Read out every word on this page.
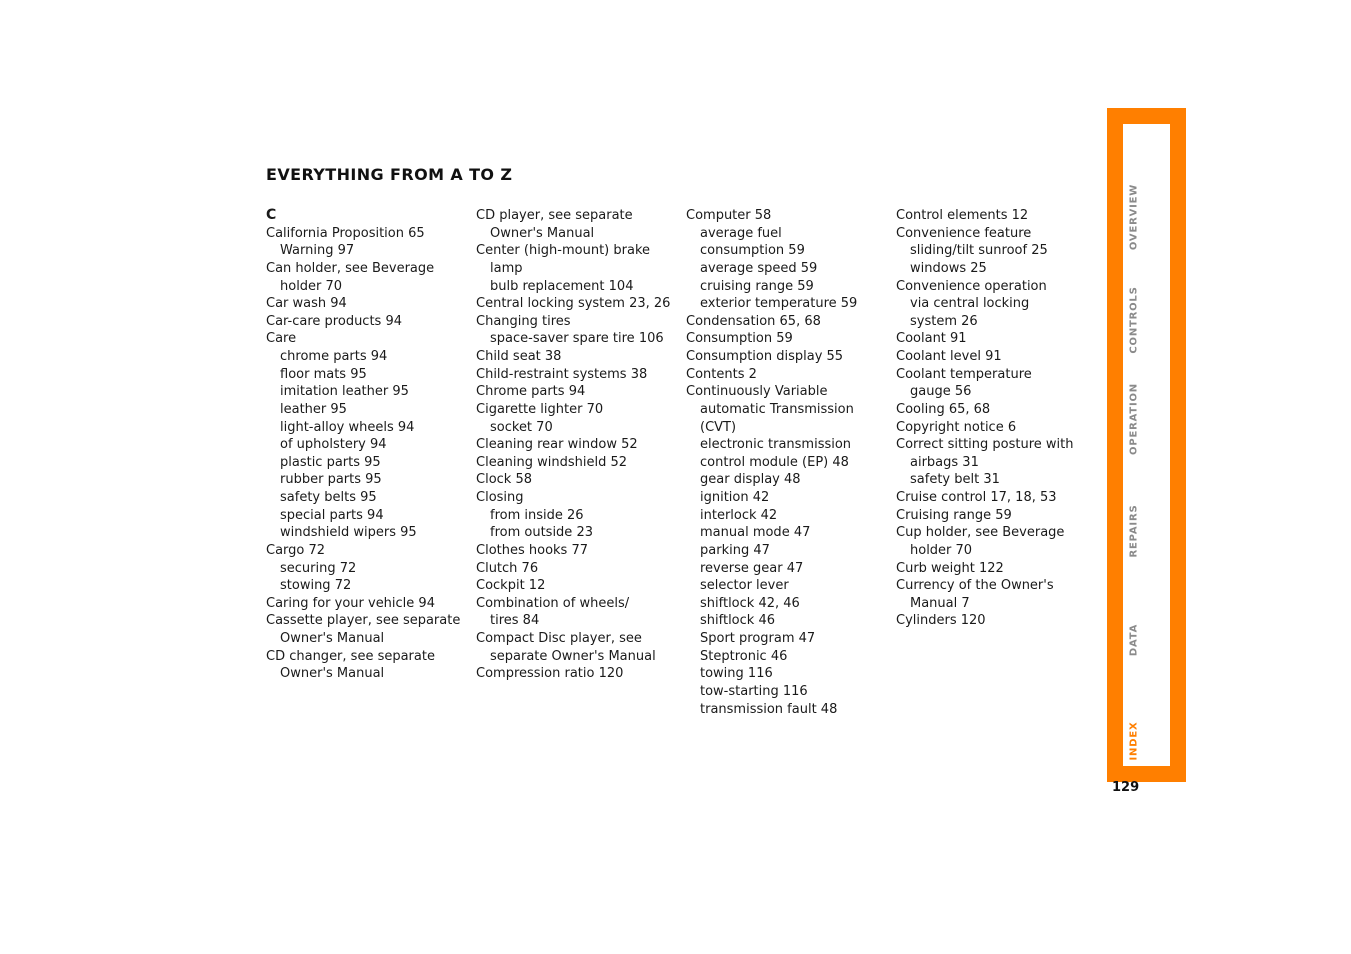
EVERYTHING FROM A TO Z
C
California Proposition 65
Warning 97
Can holder, see Beverage
holder 70
Car wash 94
Car-care products 94
Care
chrome parts 94
floor mats 95
imitation leather 95
leather 95
light-alloy wheels 94
of upholstery 94
plastic parts 95
rubber parts 95
safety belts 95
special parts 94
windshield wipers 95
Cargo 72
securing 72
stowing 72
Caring for your vehicle 94
Cassette player, see separate
Owner's Manual
CD changer, see separate
Owner's Manual
CD player, see separate
Owner's Manual
Center (high-mount) brake
lamp
bulb replacement 104
Central locking system 23, 26
Changing tires
space-saver spare tire 106
Child seat 38
Child-restraint systems 38
Chrome parts 94
Cigarette lighter 70
socket 70
Cleaning rear window 52
Cleaning windshield 52
Clock 58
Closing
from inside 26
from outside 23
Clothes hooks 77
Clutch 76
Cockpit 12
Combination of wheels/
tires 84
Compact Disc player, see
separate Owner's Manual
Compression ratio 120
Computer 58
average fuel
consumption 59
average speed 59
cruising range 59
exterior temperature 59
Condensation 65, 68
Consumption 59
Consumption display 55
Contents 2
Continuously Variable
automatic Transmission
(CVT)
electronic transmission
control module (EP) 48
gear display 48
ignition 42
interlock 42
manual mode 47
parking 47
reverse gear 47
selector lever
shiftlock 42, 46
shiftlock 46
Sport program 47
Steptronic 46
towing 116
tow-starting 116
transmission fault 48
Control elements 12
Convenience feature
sliding/tilt sunroof 25
windows 25
Convenience operation
via central locking
system 26
Coolant 91
Coolant level 91
Coolant temperature
gauge 56
Cooling 65, 68
Copyright notice 6
Correct sitting posture with
airbags 31
safety belt 31
Cruise control 17, 18, 53
Cruising range 59
Cup holder, see Beverage
holder 70
Curb weight 122
Currency of the Owner's
Manual 7
Cylinders 120
OVERVIEW
CONTROLS
OPERATION
REPAIRS
DATA
INDEX
129
